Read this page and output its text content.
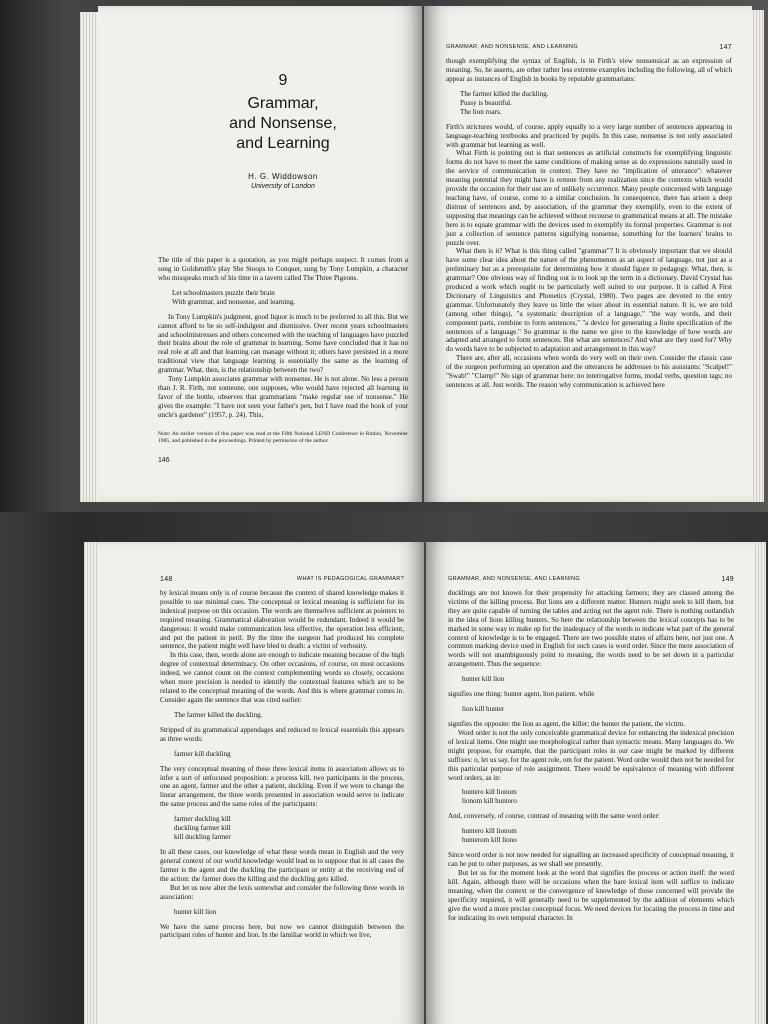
9

Grammar,

and Nonsense,

and Learning

H. G. Widdowson

University of London

The title of this paper is a quotation, as you might perhaps suspect. It comes from a song in Goldsmith's play She Stoops to Conquer, sung by Tony Lumpkin, a character who misspeaks much of his time in a tavern called The Three Pigeons.

Let schoolmasters puzzle their brain

With grammar, and nonsense, and learning.

In Tony Lumpkin's judgment, good liquor is much to be preferred to all this. But we cannot afford to be so self-indulgent and dismissive. Over recent years schoolmasters and schoolmistresses and others concerned with the teaching of languages have puzzled their brains about the role of grammar in learning. Some have concluded that it has no real role at all and that learning can manage without it; others have persisted in a more traditional view that language learning is essentially the same as the learning of grammar. What, then, is the relationship between the two?

Tony Lumpkin associates grammar with nonsense. He is not alone. No less a person than J. R. Firth, not someone, one supposes, who would have rejected all learning in favor of the bottle, observes that grammarians "make regular use of nonsense." He gives the example: "I have not seen your father's pen, but I have read the book of your uncle's gardener" (1957, p. 24). This,

Note: An earlier version of this paper was read at the Fifth National LEND Conference in Rimini, November 1985, and published in the proceedings. Printed by permission of the author.

146
GRAMMAR, AND NONSENSE, AND LEARNING	147

though exemplifying the syntax of English, is in Firth's view nonsensical as an expression of meaning. So, he asserts, are other rather less extreme examples including the following, all of which appear as instances of English in books by reputable grammarians:

The farmer killed the duckling.

Pussy is beautiful.

The lion roars.

Firth's strictures would, of course, apply equally to a very large number of sentences appearing in language-teaching textbooks and practiced by pupils. In this case, nonsense is not only associated with grammar but learning as well.

What Firth is pointing out is that sentences as artificial constructs for exemplifying linguistic forms do not have to meet the same conditions of making sense as do expressions naturally used in the service of communication in context. They have no "implication of utterance": whatever meaning potential they might have is remote from any realization since the contexts which would provide the occasion for their use are of unlikely occurrence. Many people concerned with language teaching have, of course, come to a similar conclusion. In consequence, there has arisen a deep distrust of sentences and, by association, of the grammar they exemplify, even to the extent of supposing that meanings can be achieved without recourse to grammatical means at all. The mistake here is to equate grammar with the devices used to exemplify its formal properties. Grammar is not just a collection of sentence patterns signifying nonsense, something for the learners' brains to puzzle over.

What then is it? What is this thing called "grammar"? It is obviously important that we should have some clear idea about the nature of the phenomenon as an aspect of language, not just as a preliminary but as a prerequisite for determining how it should figure in pedagogy. What, then, is grammar? One obvious way of finding out is to look up the term in a dictionary. David Crystal has produced a work which ought to be particularly well suited to our purpose. It is called A First Dictionary of Linguistics and Phonetics (Crystal, 1980). Two pages are devoted to the entry grammar. Unfortunately they leave us little the wiser about its essential nature. It is, we are told (among other things), "a systematic description of a language," "the way words, and their component parts, combine to form sentences," "a device for generating a finite specification of the sentences of a language." So grammar is the name we give to the knowledge of how words are adapted and arranged to form sentences. But what are sentences? And what are they used for? Why do words have to be subjected to adaptation and arrangement in this way?

There are, after all, occasions when words do very well on their own. Consider the classic case of the surgeon performing an operation and the utterances he addresses to his assistants: "Scalpel!" "Swab!" "Clamp!" No sign of grammar here: no interrogative forms, modal verbs, question tags; no sentences at all. Just words. The reason why communication is achieved here

148	WHAT IS PEDAGOGICAL GRAMMAR?

by lexical means only is of course because the context of shared knowledge makes it possible to use minimal cues. The conceptual or lexical meaning is sufficient for its indexical purpose on this occasion. The words are themselves sufficient as pointers to required meaning. Grammatical elaboration would be redundant. Indeed it would be dangerous: it would make communication less effective, the operation less efficient, and put the patient in peril. By the time the surgeon had produced his complete sentence, the patient might well have bled to death: a victim of verbosity.

In this case, then, words alone are enough to indicate meaning because of the high degree of contextual determinacy. On other occasions, of course, on most occasions indeed, we cannot count on the context complementing words so closely, occasions when more precision is needed to identify the contextual features which are to be related to the conceptual meaning of the words. And this is where grammar comes in. Consider again the sentence that was cited earlier:

The farmer killed the duckling.

Stripped of its grammatical appendages and reduced to lexical essentials this appears as three words:

farmer kill duckling

The very conceptual meaning of these three lexical items in association allows us to infer a sort of unfocused proposition: a process kill, two participants in the process, one an agent, farmer and the other a patient, duckling. Even if we were to change the linear arrangement, the three words presented in association would serve to indicate the same process and the same roles of the participants:

farmer duckling kill

duckling farmer kill

kill duckling farmer

In all these cases, our knowledge of what these words mean in English and the very general context of our world knowledge would lead us to suppose that in all cases the farmer is the agent and the duckling the participant or entity at the receiving end of the action: the farmer does the killing and the duckling gets killed.

But let us now alter the lexis somewhat and consider the following three words in association:

hunter kill lion

We have the same process here, but now we cannot distinguish between the participant roles of hunter and lion. In the familiar world in which we live,

GRAMMAR, AND NONSENSE, AND LEARNING	149

ducklings are not known for their propensity for attacking farmers; they are classed among the victims of the killing process. But lions are a different matter. Hunters might seek to kill them, but they are quite capable of turning the tables and acting out the agent role. There is nothing outlandish in the idea of lions killing hunters. So here the relationship between the lexical concepts has to be marked in some way to make up for the inadequacy of the words to indicate what part of the general context of knowledge is to be engaged. There are two possible states of affairs here, not just one. A common marking device used in English for such cases is word order. Since the mere association of words will not unambiguously point to meaning, the words need to be set down in a particular arrangement. Thus the sequence:

hunter kill lion

signifies one thing: hunter agent, lion patient, while

lion kill hunter

signifies the opposite: the lion as agent, the killer; the hunter the patient, the victim.

Word order is not the only conceivable grammatical device for enhancing the indexical precision of lexical items. One might use morphological rather than syntactic means. Many languages do. We might propose, for example, that the participant roles in our case might be marked by different suffixes: o, let us say, for the agent role, om for the patient. Word order would then not be needed for this particular purpose of role assignment. There would be equivalence of meaning with different word orders, as in:

huntero kill lionom

lionom kill huntero

And, conversely, of course, contrast of meaning with the same word order:

huntero kill lionom

hunterom kill liono

Since word order is not now needed for signalling an increased specificity of conceptual meaning, it can be put to other purposes, as we shall see presently.

But let us for the moment look at the word that signifies the process or action itself: the word kill. Again, although there will be occasions when the bare lexical item will suffice to indicate meaning, when the context or the convergence of knowledge of those concerned will provide the specificity required, it will generally need to be supplemented by the addition of elements which give the word a more precise conceptual focus. We need devices for locating the process in time and for indicating its own temporal character. In
